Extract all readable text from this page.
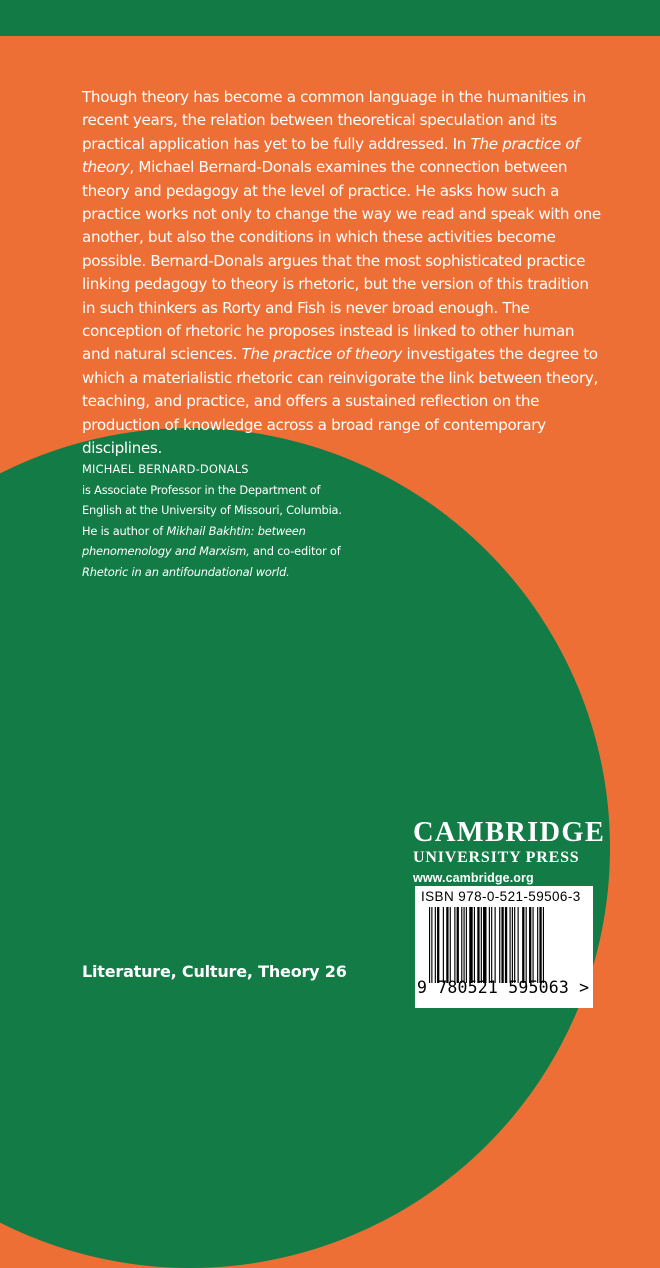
Though theory has become a common language in the humanities in recent years, the relation between theoretical speculation and its practical application has yet to be fully addressed. In The practice of theory, Michael Bernard-Donals examines the connection between theory and pedagogy at the level of practice. He asks how such a practice works not only to change the way we read and speak with one another, but also the conditions in which these activities become possible. Bernard-Donals argues that the most sophisticated practice linking pedagogy to theory is rhetoric, but the version of this tradition in such thinkers as Rorty and Fish is never broad enough. The conception of rhetoric he proposes instead is linked to other human and natural sciences. The practice of theory investigates the degree to which a materialistic rhetoric can reinvigorate the link between theory, teaching, and practice, and offers a sustained reflection on the production of knowledge across a broad range of contemporary disciplines.

MICHAEL BERNARD-DONALS
is Associate Professor in the Department of English at the University of Missouri, Columbia. He is author of Mikhail Bakhtin: between phenomenology and Marxism, and co-editor of Rhetoric in an antifoundational world.
Literature, Culture, Theory 26
CAMBRIDGE
UNIVERSITY PRESS
www.cambridge.org
ISBN 978-0-521-59506-3
9 780521 595063 >
